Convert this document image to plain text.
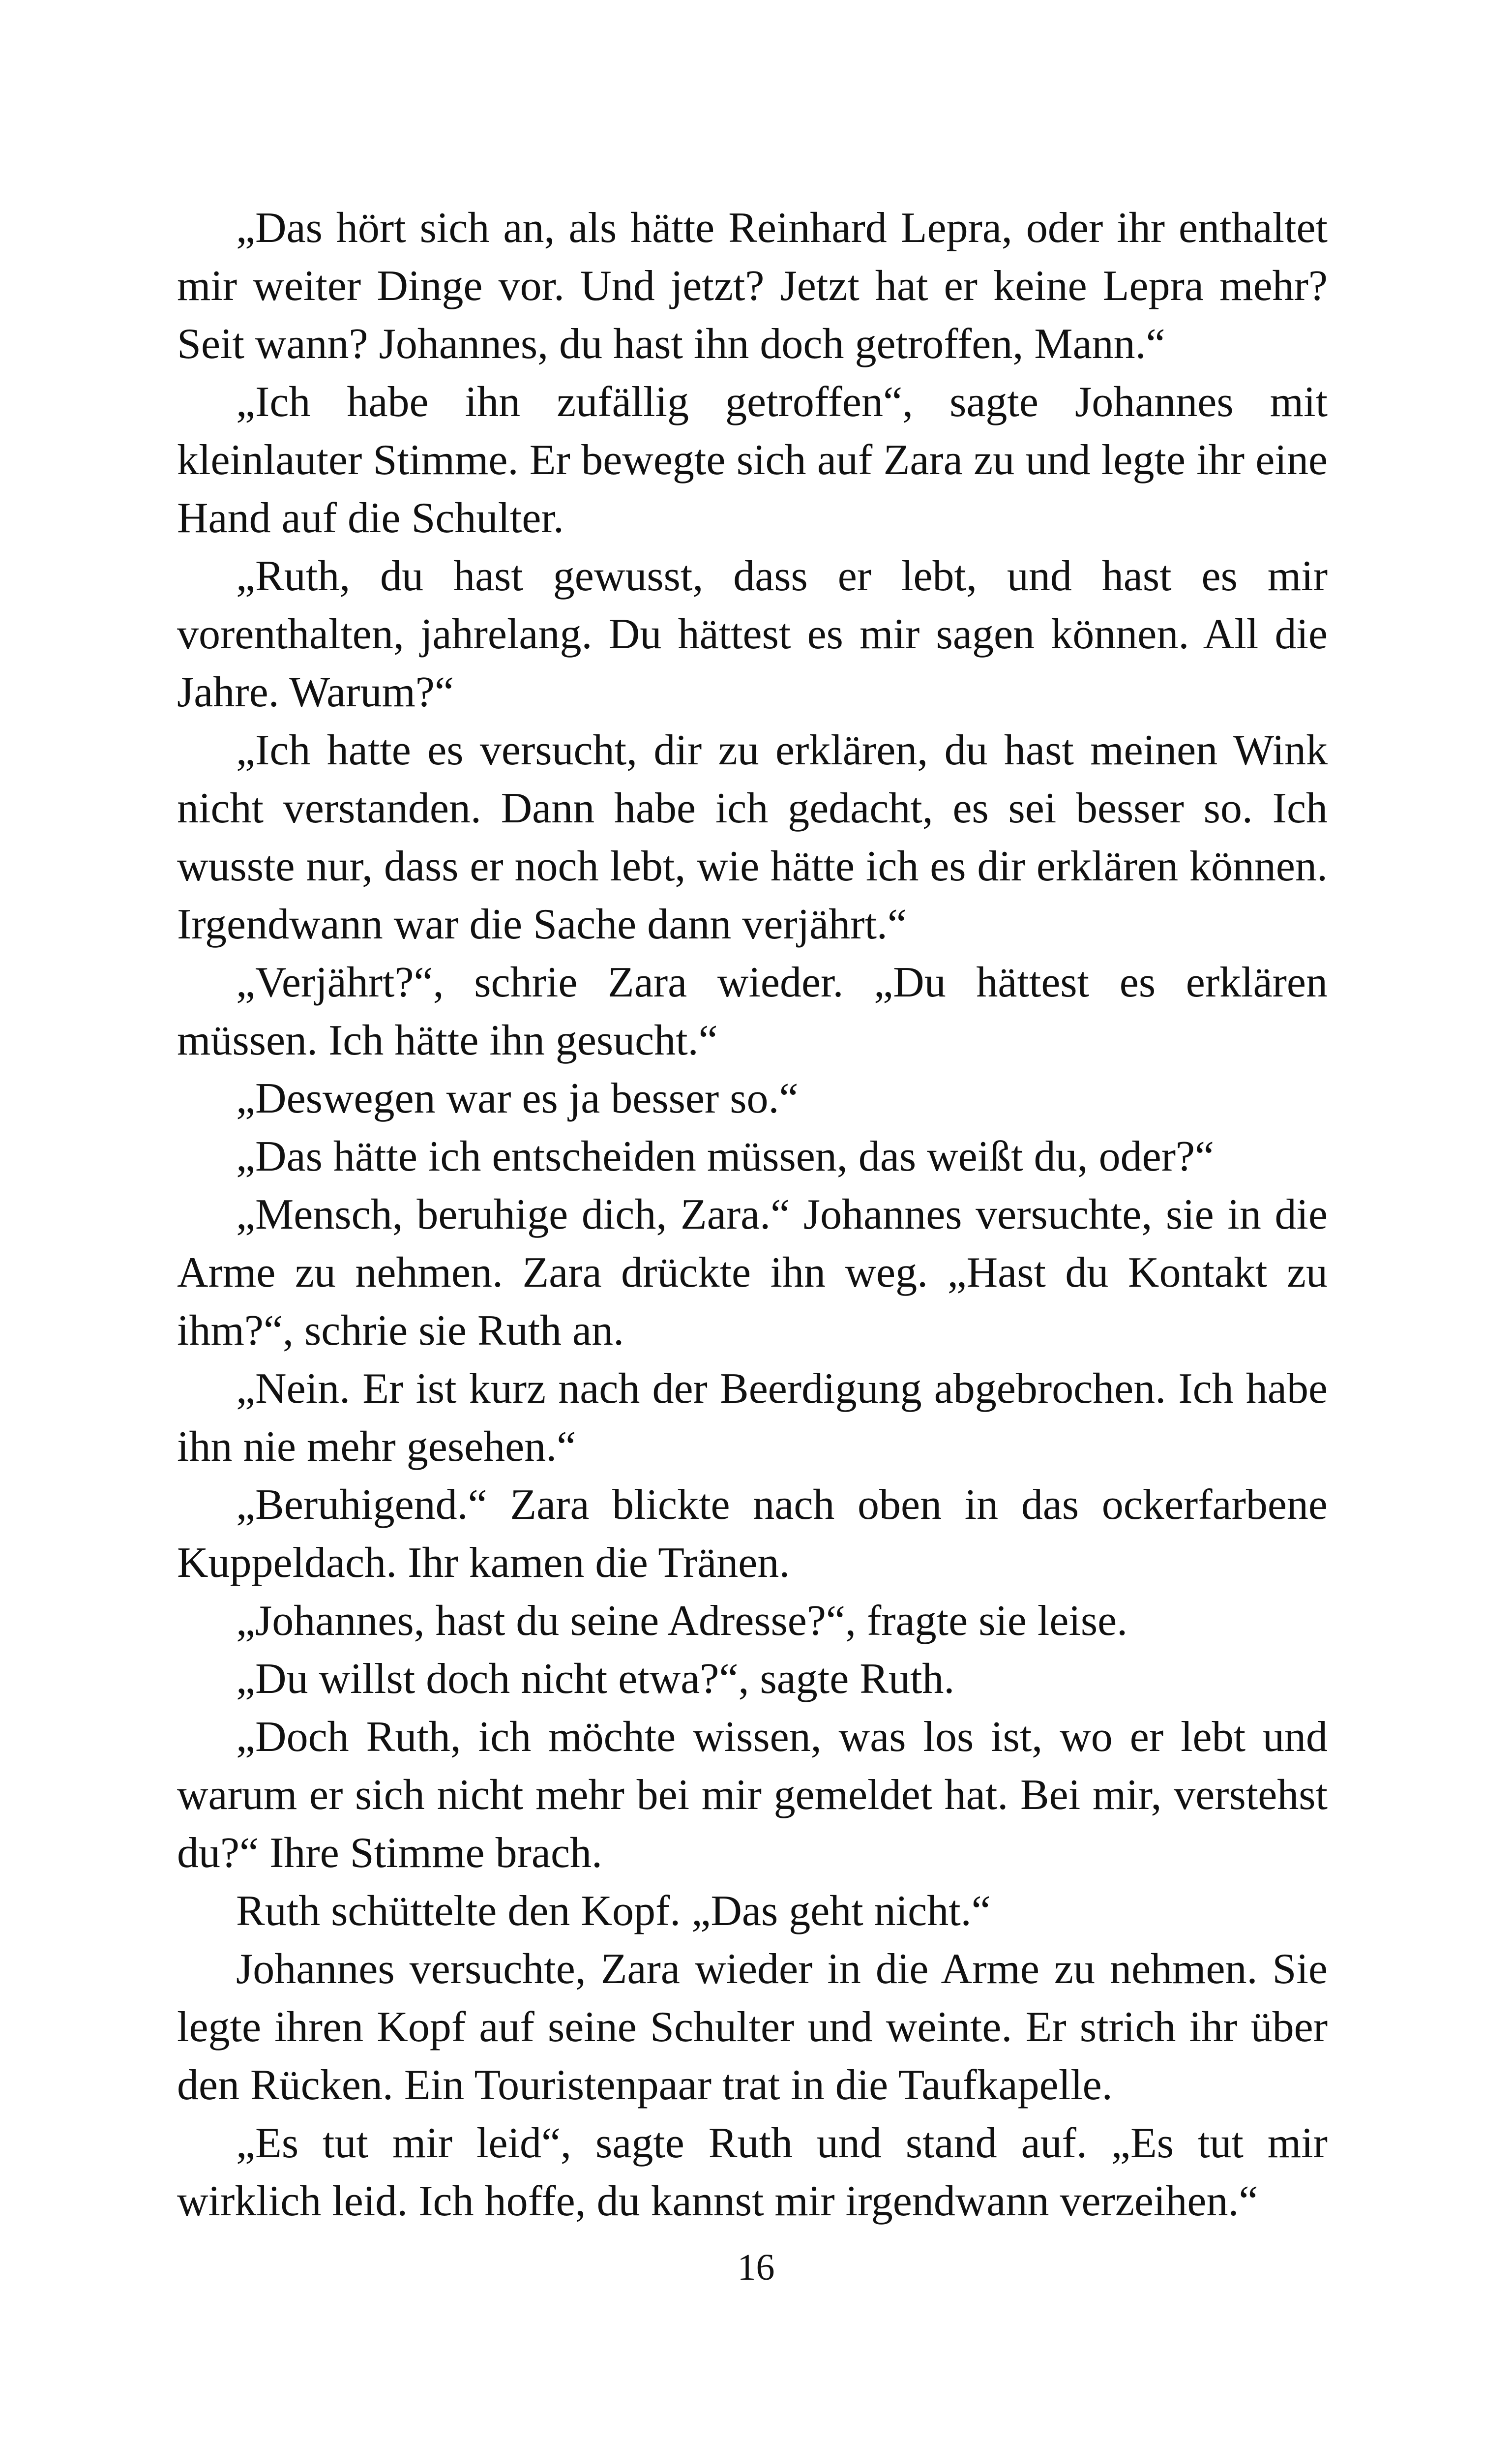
„Das hört sich an, als hätte Reinhard Lepra, oder ihr enthaltet mir weiter Dinge vor. Und jetzt? Jetzt hat er keine Lepra mehr? Seit wann? Johannes, du hast ihn doch getroffen, Mann.“

„Ich habe ihn zufällig getroffen“, sagte Johannes mit kleinlauter Stimme. Er bewegte sich auf Zara zu und legte ihr eine Hand auf die Schulter.

„Ruth, du hast gewusst, dass er lebt, und hast es mir vorenthalten, jahrelang. Du hättest es mir sagen können. All die Jahre. Warum?“

„Ich hatte es versucht, dir zu erklären, du hast meinen Wink nicht verstanden. Dann habe ich gedacht, es sei besser so. Ich wusste nur, dass er noch lebt, wie hätte ich es dir erklären können. Irgendwann war die Sache dann verjährt.“

„Verjährt?“, schrie Zara wieder. „Du hättest es erklären müssen. Ich hätte ihn gesucht.“

„Deswegen war es ja besser so.“

„Das hätte ich entscheiden müssen, das weißt du, oder?“

„Mensch, beruhige dich, Zara.“ Johannes versuchte, sie in die Arme zu nehmen. Zara drückte ihn weg. „Hast du Kontakt zu ihm?“, schrie sie Ruth an.

„Nein. Er ist kurz nach der Beerdigung abgebrochen. Ich habe ihn nie mehr gesehen.“

„Beruhigend.“ Zara blickte nach oben in das ockerfarbene Kuppeldach. Ihr kamen die Tränen.

„Johannes, hast du seine Adresse?“, fragte sie leise.

„Du willst doch nicht etwa?“, sagte Ruth.

„Doch Ruth, ich möchte wissen, was los ist, wo er lebt und warum er sich nicht mehr bei mir gemeldet hat. Bei mir, verstehst du?“ Ihre Stimme brach.

Ruth schüttelte den Kopf. „Das geht nicht.“

Johannes versuchte, Zara wieder in die Arme zu nehmen. Sie legte ihren Kopf auf seine Schulter und weinte. Er strich ihr über den Rücken. Ein Touristenpaar trat in die Taufkapelle.

„Es tut mir leid“, sagte Ruth und stand auf. „Es tut mir wirklich leid. Ich hoffe, du kannst mir irgendwann verzeihen.“

16
